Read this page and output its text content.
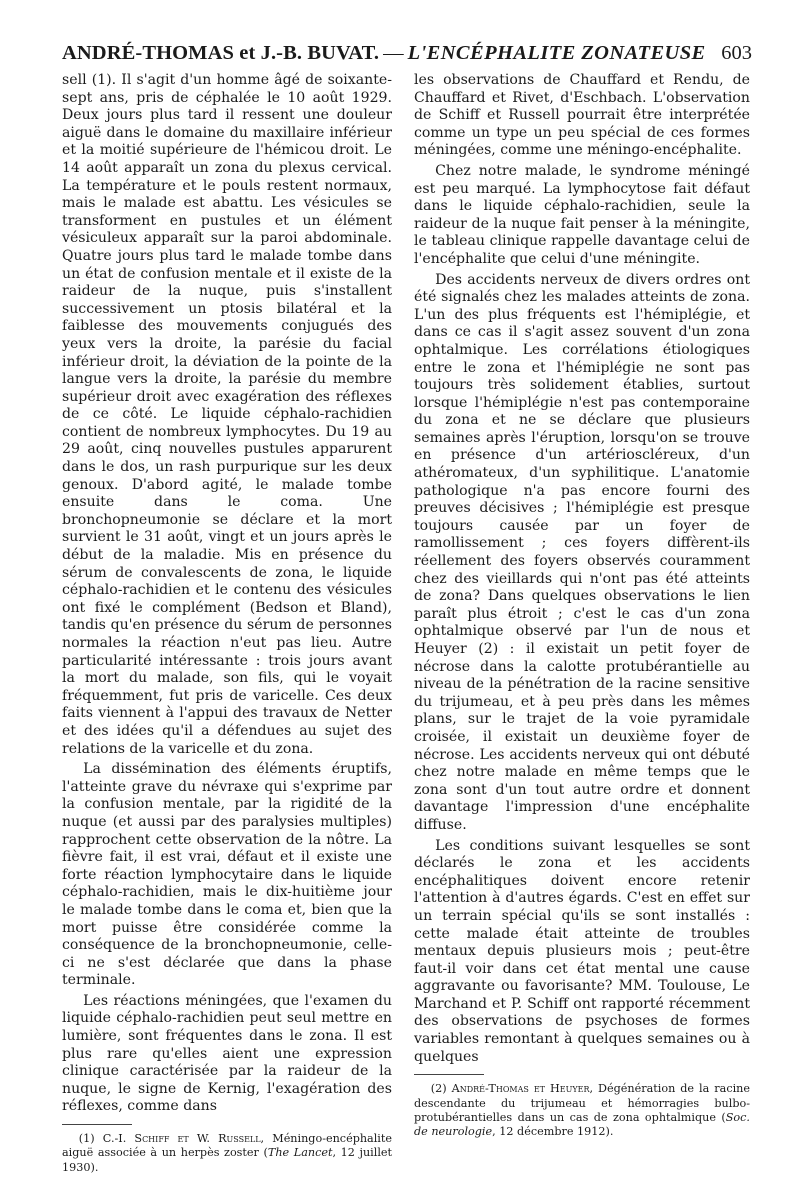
ANDRÉ-THOMAS et J.-B. BUVAT. — L'ENCÉPHALITE ZONATEUSE 603

sell (1). Il s'agit d'un homme âgé de soixante-sept ans, pris de céphalée le 10 août 1929. Deux jours plus tard il ressent une douleur aiguë dans le domaine du maxillaire inférieur et la moitié supérieure de l'hémicou droit. Le 14 août apparaît un zona du plexus cervical. La température et le pouls restent normaux, mais le malade est abattu. Les vésicules se transforment en pustules et un élément vésiculeux apparaît sur la paroi abdominale. Quatre jours plus tard le malade tombe dans un état de confusion mentale et il existe de la raideur de la nuque, puis s'installent successivement un ptosis bilatéral et la faiblesse des mouvements conjugués des yeux vers la droite, la parésie du facial inférieur droit, la déviation de la pointe de la langue vers la droite, la parésie du membre supérieur droit avec exagération des réflexes de ce côté. Le liquide céphalo-rachidien contient de nombreux lymphocytes. Du 19 au 29 août, cinq nouvelles pustules apparurent dans le dos, un rash purpurique sur les deux genoux. D'abord agité, le malade tombe ensuite dans le coma. Une bronchopneumonie se déclare et la mort survient le 31 août, vingt et un jours après le début de la maladie. Mis en présence du sérum de convalescents de zona, le liquide céphalo-rachidien et le contenu des vésicules ont fixé le complément (Bedson et Bland), tandis qu'en présence du sérum de personnes normales la réaction n'eut pas lieu. Autre particularité intéressante : trois jours avant la mort du malade, son fils, qui le voyait fréquemment, fut pris de varicelle. Ces deux faits viennent à l'appui des travaux de Netter et des idées qu'il a défendues au sujet des relations de la varicelle et du zona.

La dissémination des éléments éruptifs, l'atteinte grave du névraxe qui s'exprime par la confusion mentale, par la rigidité de la nuque (et aussi par des paralysies multiples) rapprochent cette observation de la nôtre. La fièvre fait, il est vrai, défaut et il existe une forte réaction lymphocytaire dans le liquide céphalo-rachidien, mais le dix-huitième jour le malade tombe dans le coma et, bien que la mort puisse être considérée comme la conséquence de la bronchopneumonie, celle-ci ne s'est déclarée que dans la phase terminale.

Les réactions méningées, que l'examen du liquide céphalo-rachidien peut seul mettre en lumière, sont fréquentes dans le zona. Il est plus rare qu'elles aient une expression clinique caractérisée par la raideur de la nuque, le signe de Kernig, l'exagération des réflexes, comme dans

(1) C.-I. Schiff et W. Russell, Méningo-encéphalite aiguë associée à un herpès zoster (The Lancet, 12 juillet 1930).

les observations de Chauffard et Rendu, de Chauffard et Rivet, d'Eschbach. L'observation de Schiff et Russell pourrait être interprétée comme un type un peu spécial de ces formes méningées, comme une méningo-encéphalite.

Chez notre malade, le syndrome méningé est peu marqué. La lymphocytose fait défaut dans le liquide céphalo-rachidien, seule la raideur de la nuque fait penser à la méningite, le tableau clinique rappelle davantage celui de l'encéphalite que celui d'une méningite.

Des accidents nerveux de divers ordres ont été signalés chez les malades atteints de zona. L'un des plus fréquents est l'hémiplégie, et dans ce cas il s'agit assez souvent d'un zona ophtalmique. Les corrélations étiologiques entre le zona et l'hémiplégie ne sont pas toujours très solidement établies, surtout lorsque l'hémiplégie n'est pas contemporaine du zona et ne se déclare que plusieurs semaines après l'éruption, lorsqu'on se trouve en présence d'un artérioscléreux, d'un athéromateux, d'un syphilitique. L'anatomie pathologique n'a pas encore fourni des preuves décisives ; l'hémiplégie est presque toujours causée par un foyer de ramollissement ; ces foyers diffèrent-ils réellement des foyers observés couramment chez des vieillards qui n'ont pas été atteints de zona? Dans quelques observations le lien paraît plus étroit ; c'est le cas d'un zona ophtalmique observé par l'un de nous et Heuyer (2) : il existait un petit foyer de nécrose dans la calotte protubérantielle au niveau de la pénétration de la racine sensitive du trijumeau, et à peu près dans les mêmes plans, sur le trajet de la voie pyramidale croisée, il existait un deuxième foyer de nécrose. Les accidents nerveux qui ont débuté chez notre malade en même temps que le zona sont d'un tout autre ordre et donnent davantage l'impression d'une encéphalite diffuse.

Les conditions suivant lesquelles se sont déclarés le zona et les accidents encéphalitiques doivent encore retenir l'attention à d'autres égards. C'est en effet sur un terrain spécial qu'ils se sont installés : cette malade était atteinte de troubles mentaux depuis plusieurs mois ; peut-être faut-il voir dans cet état mental une cause aggravante ou favorisante? MM. Toulouse, Le Marchand et P. Schiff ont rapporté récemment des observations de psychoses de formes variables remontant à quelques semaines ou à quelques

(2) André-Thomas et Heuyer, Dégénération de la racine descendante du trijumeau et hémorragies bulbo-protubérantielles dans un cas de zona ophtalmique (Soc. de neurologie, 12 décembre 1912).
